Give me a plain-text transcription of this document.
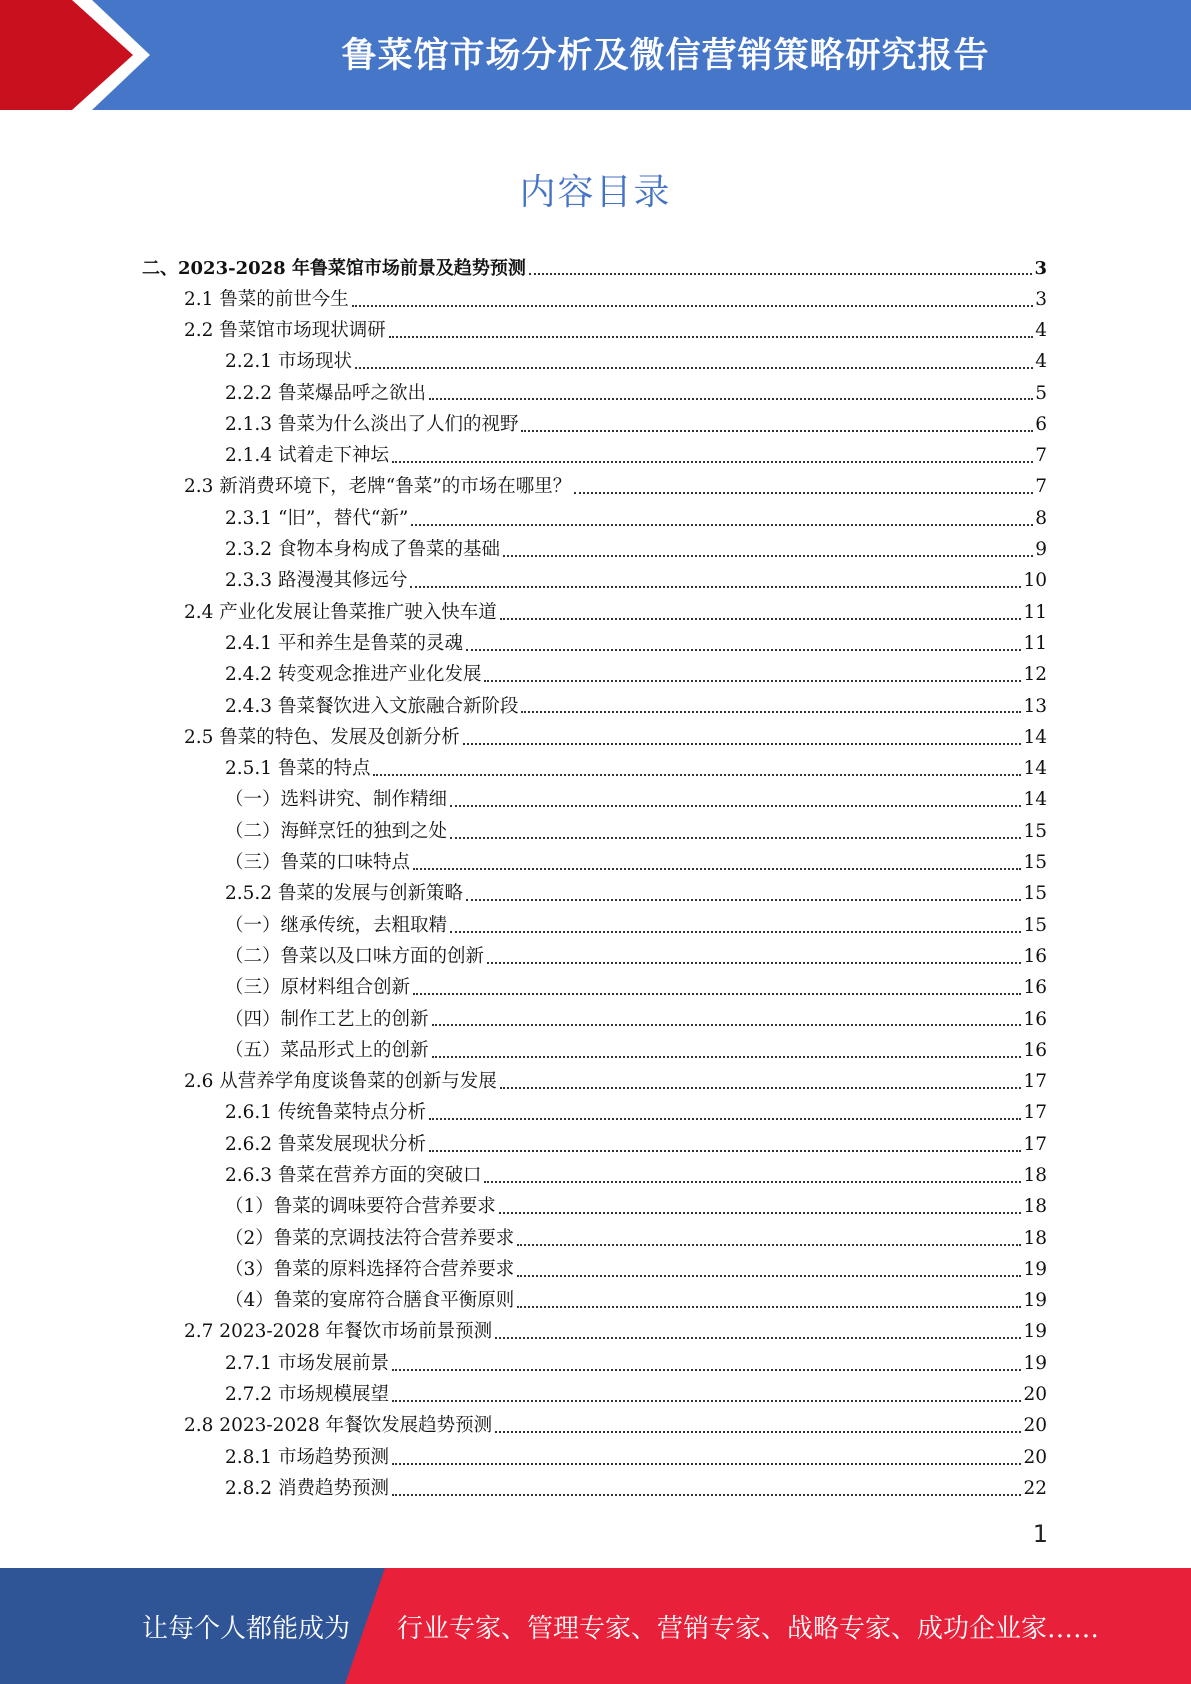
鲁菜馆市场分析及微信营销策略研究报告
内容目录
二、2023-2028 年鲁菜馆市场前景及趋势预测	3
2.1 鲁菜的前世今生	3
2.2 鲁菜馆市场现状调研	4
2.2.1 市场现状	4
2.2.2 鲁菜爆品呼之欲出	5
2.1.3 鲁菜为什么淡出了人们的视野	6
2.1.4 试着走下神坛	7
2.3 新消费环境下，老牌“鲁菜”的市场在哪里？	7
2.3.1 “旧”，替代“新”	8
2.3.2 食物本身构成了鲁菜的基础	9
2.3.3 路漫漫其修远兮	10
2.4 产业化发展让鲁菜推广驶入快车道	11
2.4.1 平和养生是鲁菜的灵魂	11
2.4.2 转变观念推进产业化发展	12
2.4.3 鲁菜餐饮进入文旅融合新阶段	13
2.5 鲁菜的特色、发展及创新分析	14
2.5.1 鲁菜的特点	14
（一）选料讲究、制作精细	14
（二）海鲜烹饪的独到之处	15
（三）鲁菜的口味特点	15
2.5.2 鲁菜的发展与创新策略	15
（一）继承传统，去粗取精	15
（二）鲁菜以及口味方面的创新	16
（三）原材料组合创新	16
（四）制作工艺上的创新	16
（五）菜品形式上的创新	16
2.6 从营养学角度谈鲁菜的创新与发展	17
2.6.1 传统鲁菜特点分析	17
2.6.2 鲁菜发展现状分析	17
2.6.3 鲁菜在营养方面的突破口	18
（1）鲁菜的调味要符合营养要求	18
（2）鲁菜的烹调技法符合营养要求	18
（3）鲁菜的原料选择符合营养要求	19
（4）鲁菜的宴席符合膳食平衡原则	19
2.7 2023-2028 年餐饮市场前景预测	19
2.7.1 市场发展前景	19
2.7.2 市场规模展望	20
2.8 2023-2028 年餐饮发展趋势预测	20
2.8.1 市场趋势预测	20
2.8.2 消费趋势预测	22
1
让每个人都能成为 行业专家、管理专家、营销专家、战略专家、成功企业家……
